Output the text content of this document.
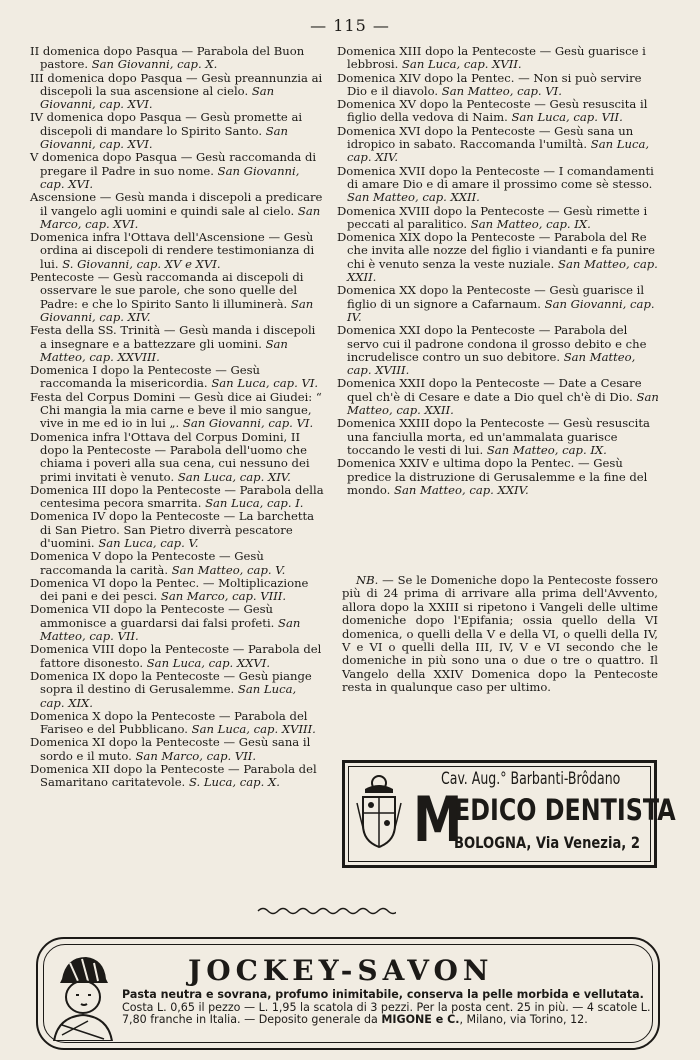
— 115 —

II domenica dopo Pasqua — Parabola del Buon pastore. San Giovanni, cap. X.

III domenica dopo Pasqua — Gesù preannunzia ai discepoli la sua ascensione al cielo. San Giovanni, cap. XVI.

IV domenica dopo Pasqua — Gesù promette ai discepoli di mandare lo Spirito Santo. San Giovanni, cap. XVI.

V domenica dopo Pasqua — Gesù raccomanda di pregare il Padre in suo nome. San Giovanni, cap. XVI.

Ascensione — Gesù manda i discepoli a predicare il vangelo agli uomini e quindi sale al cielo. San Marco, cap. XVI.

Domenica infra l'Ottava dell'Ascensione — Gesù ordina ai discepoli di rendere testimonianza di lui. S. Giovanni, cap. XV e XVI.

Pentecoste — Gesù raccomanda ai discepoli di osservare le sue parole, che sono quelle del Padre: e che lo Spirito Santo li illuminerà. San Giovanni, cap. XIV.

Festa della SS. Trinità — Gesù manda i discepoli a insegnare e a battezzare gli uomini. San Matteo, cap. XXVIII.

Domenica I dopo la Pentecoste — Gesù raccomanda la misericordia. San Luca, cap. VI.

Festa del Corpus Domini — Gesù dice ai Giudei: “ Chi mangia la mia carne e beve il mio sangue, vive in me ed io in lui „. San Giovanni, cap. VI.

Domenica infra l'Ottava del Corpus Domini, II dopo la Pentecoste — Parabola dell'uomo che chiama i poveri alla sua cena, cui nessuno dei primi invitati è venuto. San Luca, cap. XIV.

Domenica III dopo la Pentecoste — Parabola della centesima pecora smarrita. San Luca, cap. I.

Domenica IV dopo la Pentecoste — La barchetta di San Pietro. San Pietro diverrà pescatore d'uomini. San Luca, cap. V.

Domenica V dopo la Pentecoste — Gesù raccomanda la carità. San Matteo, cap. V.

Domenica VI dopo la Pentec. — Moltiplicazione dei pani e dei pesci. San Marco, cap. VIII.

Domenica VII dopo la Pentecoste — Gesù ammonisce a guardarsi dai falsi profeti. San Matteo, cap. VII.

Domenica VIII dopo la Pentecoste — Parabola del fattore disonesto. San Luca, cap. XXVI.

Domenica IX dopo la Pentecoste — Gesù piange sopra il destino di Gerusalemme. San Luca, cap. XIX.

Domenica X dopo la Pentecoste — Parabola del Fariseo e del Pubblicano. San Luca, cap. XVIII.

Domenica XI dopo la Pentecoste — Gesù sana il sordo e il muto. San Marco, cap. VII.

Domenica XII dopo la Pentecoste — Parabola del Samaritano caritatevole. S. Luca, cap. X.

Domenica XIII dopo la Pentecoste — Gesù guarisce i lebbrosi. San Luca, cap. XVII.

Domenica XIV dopo la Pentec. — Non si può servire Dio e il diavolo. San Matteo, cap. VI.

Domenica XV dopo la Pentecoste — Gesù resuscita il figlio della vedova di Naim. San Luca, cap. VII.

Domenica XVI dopo la Pentecoste — Gesù sana un idropico in sabato. Raccomanda l'umiltà. San Luca, cap. XIV.

Domenica XVII dopo la Pentecoste — I comandamenti di amare Dio e di amare il prossimo come sè stesso. San Matteo, cap. XXII.

Domenica XVIII dopo la Pentecoste — Gesù rimette i peccati al paralitico. San Matteo, cap. IX.

Domenica XIX dopo la Pentecoste — Parabola del Re che invita alle nozze del figlio i viandanti e fa punire chi è venuto senza la veste nuziale. San Matteo, cap. XXII.

Domenica XX dopo la Pentecoste — Gesù guarisce il figlio di un signore a Cafarnaum. San Giovanni, cap. IV.

Domenica XXI dopo la Pentecoste — Parabola del servo cui il padrone condona il grosso debito e che incrudelisce contro un suo debitore. San Matteo, cap. XVIII.

Domenica XXII dopo la Pentecoste — Date a Cesare quel ch'è di Cesare e date a Dio quel ch'è di Dio. San Matteo, cap. XXII.

Domenica XXIII dopo la Pentecoste — Gesù resuscita una fanciulla morta, ed un'ammalata guarisce toccando le vesti di lui. San Matteo, cap. IX.

Domenica XXIV e ultima dopo la Pentec. — Gesù predice la distruzione di Gerusalemme e la fine del mondo. San Matteo, cap. XXIV.

NB. — Se le Domeniche dopo la Pentecoste fossero più di 24 prima di arrivare alla prima dell'Avvento, allora dopo la XXIII si ripetono i Vangeli delle ultime domeniche dopo l'Epifania; ossia quello della VI domenica, o quelli della V e della VI, o quelli della IV, V e VI o quelli della III, IV, V e VI secondo che le domeniche in più sono una o due o tre o quattro. Il Vangelo della XXIV Domenica dopo la Pentecoste resta in qualunque caso per ultimo.

Cav. Aug.° Barbanti-Brôdano
M
EDICO DENTISTA
BOLOGNA, Via Venezia, 2
JOCKEY-SAVON

Pasta neutra e sovrana, profumo inimitabile, conserva la pelle morbida e vellutata. Costa L. 0,65 il pezzo — L. 1,95 la scatola di 3 pezzi. Per la posta cent. 25 in più. — 4 scatole L. 7,80 franche in Italia. — Deposito generale da MIGONE e C., Milano, via Torino, 12.
